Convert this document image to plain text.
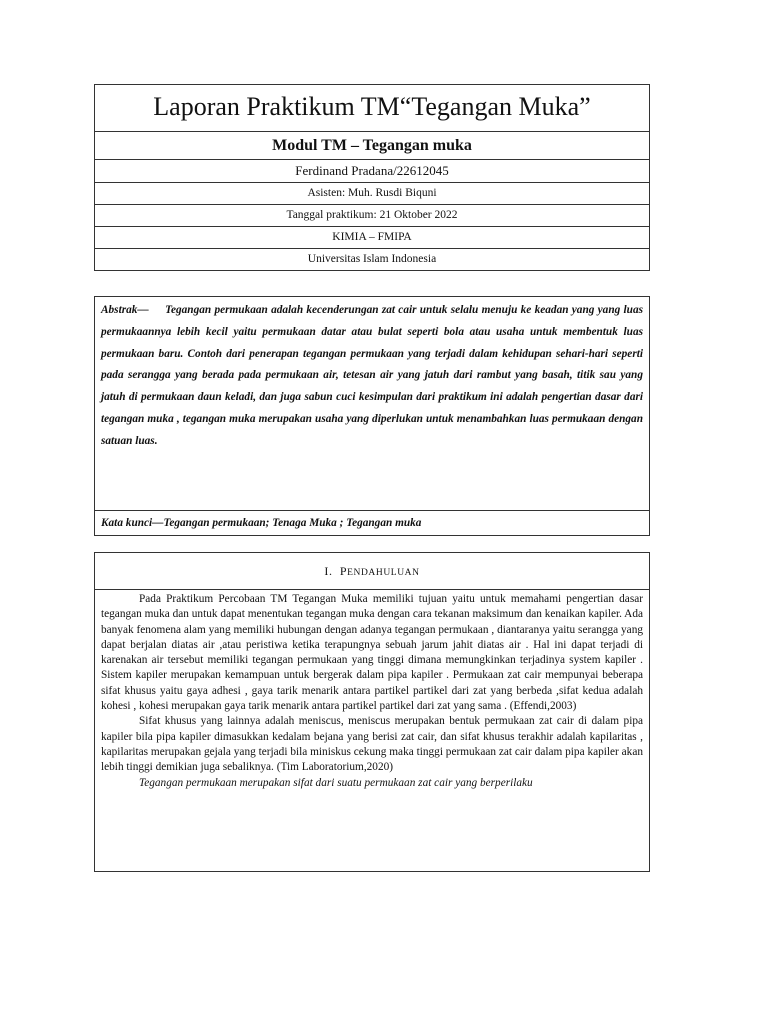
Laporan Praktikum TM“Tegangan Muka”
Modul TM – Tegangan muka
Ferdinand Pradana/22612045
Asisten: Muh. Rusdi Biquni
Tanggal praktikum: 21 Oktober 2022
KIMIA – FMIPA
Universitas Islam Indonesia
Abstrak— Tegangan permukaan adalah kecenderungan zat cair untuk selalu menuju ke keadan yang yang luas permukaannya lebih kecil yaitu permukaan datar atau bulat seperti bola atau usaha untuk membentuk luas permukaan baru. Contoh dari penerapan tegangan permukaan yang terjadi dalam kehidupan sehari-hari seperti pada serangga yang berada pada permukaan air, tetesan air yang jatuh dari rambut yang basah, titik sau yang jatuh di permukaan daun keladi, dan juga sabun cuci kesimpulan dari praktikum ini adalah pengertian dasar dari tegangan muka , tegangan muka merupakan usaha yang diperlukan untuk menambahkan luas permukaan dengan satuan luas.
Kata kunci—Tegangan permukaan; Tenaga Muka ; Tegangan muka
I. PENDAHULUAN

Pada Praktikum Percobaan TM Tegangan Muka memiliki tujuan yaitu untuk memahami pengertian dasar tegangan muka dan untuk dapat menentukan tegangan muka dengan cara tekanan maksimum dan kenaikan kapiler. Ada banyak fenomena alam yang memiliki hubungan dengan adanya tegangan permukaan , diantaranya yaitu serangga yang dapat berjalan diatas air ,atau peristiwa ketika terapungnya sebuah jarum jahit diatas air . Hal ini dapat terjadi di karenakan air tersebut memiliki tegangan permukaan yang tinggi dimana memungkinkan terjadinya system kapiler . Sistem kapiler merupakan kemampuan untuk bergerak dalam pipa kapiler . Permukaan zat cair mempunyai beberapa sifat khusus yaitu gaya adhesi , gaya tarik menarik antara partikel partikel dari zat yang berbeda ,sifat kedua adalah kohesi , kohesi merupakan gaya tarik menarik antara partikel partikel dari zat yang sama . (Effendi,2003)

Sifat khusus yang lainnya adalah meniscus, meniscus merupakan bentuk permukaan zat cair di dalam pipa kapiler bila pipa kapiler dimasukkan kedalam bejana yang berisi zat cair, dan sifat khusus terakhir adalah kapilaritas , kapilaritas merupakan gejala yang terjadi bila miniskus cekung maka tinggi permukaan zat cair dalam pipa kapiler akan lebih tinggi demikian juga sebaliknya. (Tim Laboratorium,2020)

Tegangan permukaan merupakan sifat dari suatu permukaan zat cair yang berperilaku
